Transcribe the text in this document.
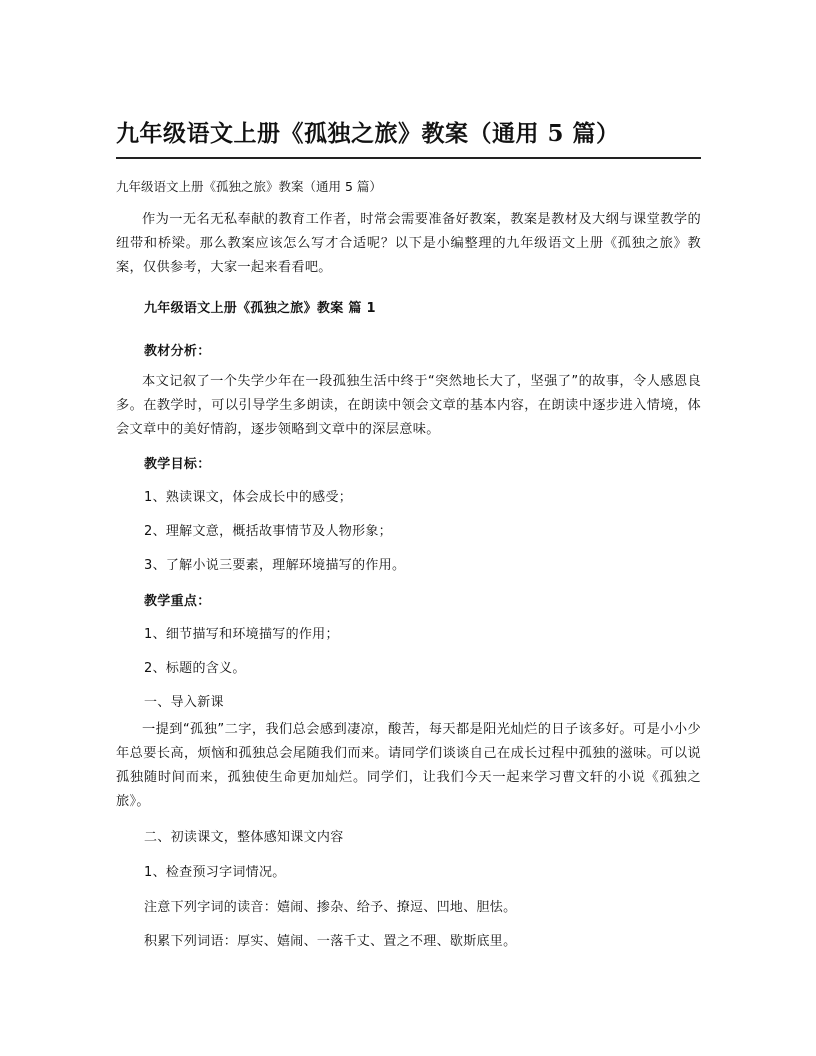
九年级语文上册《孤独之旅》教案（通用 5 篇）

九年级语文上册《孤独之旅》教案（通用 5 篇）

作为一无名无私奉献的教育工作者，时常会需要准备好教案，教案是教材及大纲与课堂教学的纽带和桥梁。那么教案应该怎么写才合适呢？以下是小编整理的九年级语文上册《孤独之旅》教案，仅供参考，大家一起来看看吧。

九年级语文上册《孤独之旅》教案 篇 1

教材分析：

本文记叙了一个失学少年在一段孤独生活中终于“突然地长大了，坚强了”的故事，令人感恩良多。在教学时，可以引导学生多朗读，在朗读中领会文章的基本内容，在朗读中逐步进入情境，体会文章中的美好情韵，逐步领略到文章中的深层意味。

教学目标：

1、熟读课文，体会成长中的感受；

2、理解文意，概括故事情节及人物形象；

3、了解小说三要素，理解环境描写的作用。

教学重点：

1、细节描写和环境描写的作用；

2、标题的含义。

一、导入新课

一提到“孤独”二字，我们总会感到凄凉，酸苦，每天都是阳光灿烂的日子该多好。可是小小少年总要长高，烦恼和孤独总会尾随我们而来。请同学们谈谈自己在成长过程中孤独的滋味。可以说孤独随时间而来，孤独使生命更加灿烂。同学们，让我们今天一起来学习曹文轩的小说《孤独之旅》。

二、初读课文，整体感知课文内容

1、检查预习字词情况。

注意下列字词的读音：嬉闹、掺杂、给予、撩逗、凹地、胆怯。

积累下列词语：厚实、嬉闹、一落千丈、置之不理、歇斯底里。
